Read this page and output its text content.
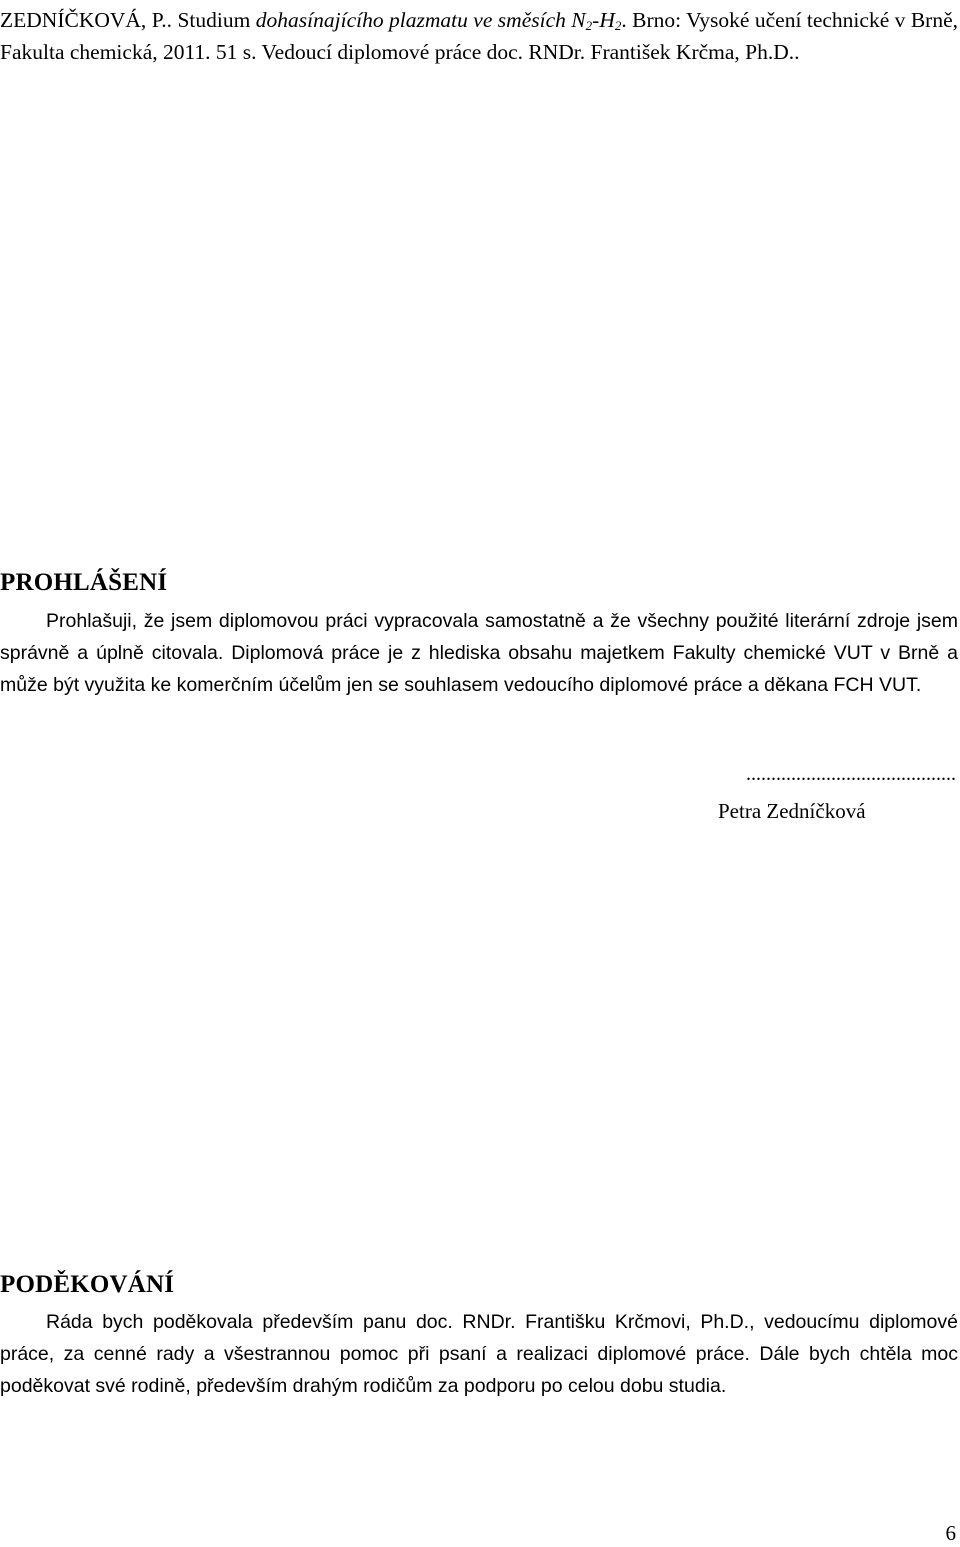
ZEDNÍČKOVÁ, P.. Studium dohasínajícího plazmatu ve směsích $N_2-H_2$. Brno: Vysoké učení technické v Brně, Fakulta chemická, 2011. 51 s. Vedoucí diplomové práce doc. RNDr. František Krčma, Ph.D..
PROHLÁŠENÍ
Prohlašuji, že jsem diplomovou práci vypracovala samostatně a že všechny použité literární zdroje jsem správně a úplně citovala. Diplomová práce je z hlediska obsahu majetkem Fakulty chemické VUT v Brně a může být využita ke komerčním účelům jen se souhlasem vedoucího diplomové práce a děkana FCH VUT.
..........................................
Petra Zedníčková
PODĚKOVÁNÍ
Ráda bych poděkovala především panu doc. RNDr. Františku Krčmovi, Ph.D., vedoucímu diplomové práce, za cenné rady a všestrannou pomoc při psaní a realizaci diplomové práce. Dále bych chtěla moc poděkovat své rodině, především drahým rodičům za podporu po celou dobu studia.
6
